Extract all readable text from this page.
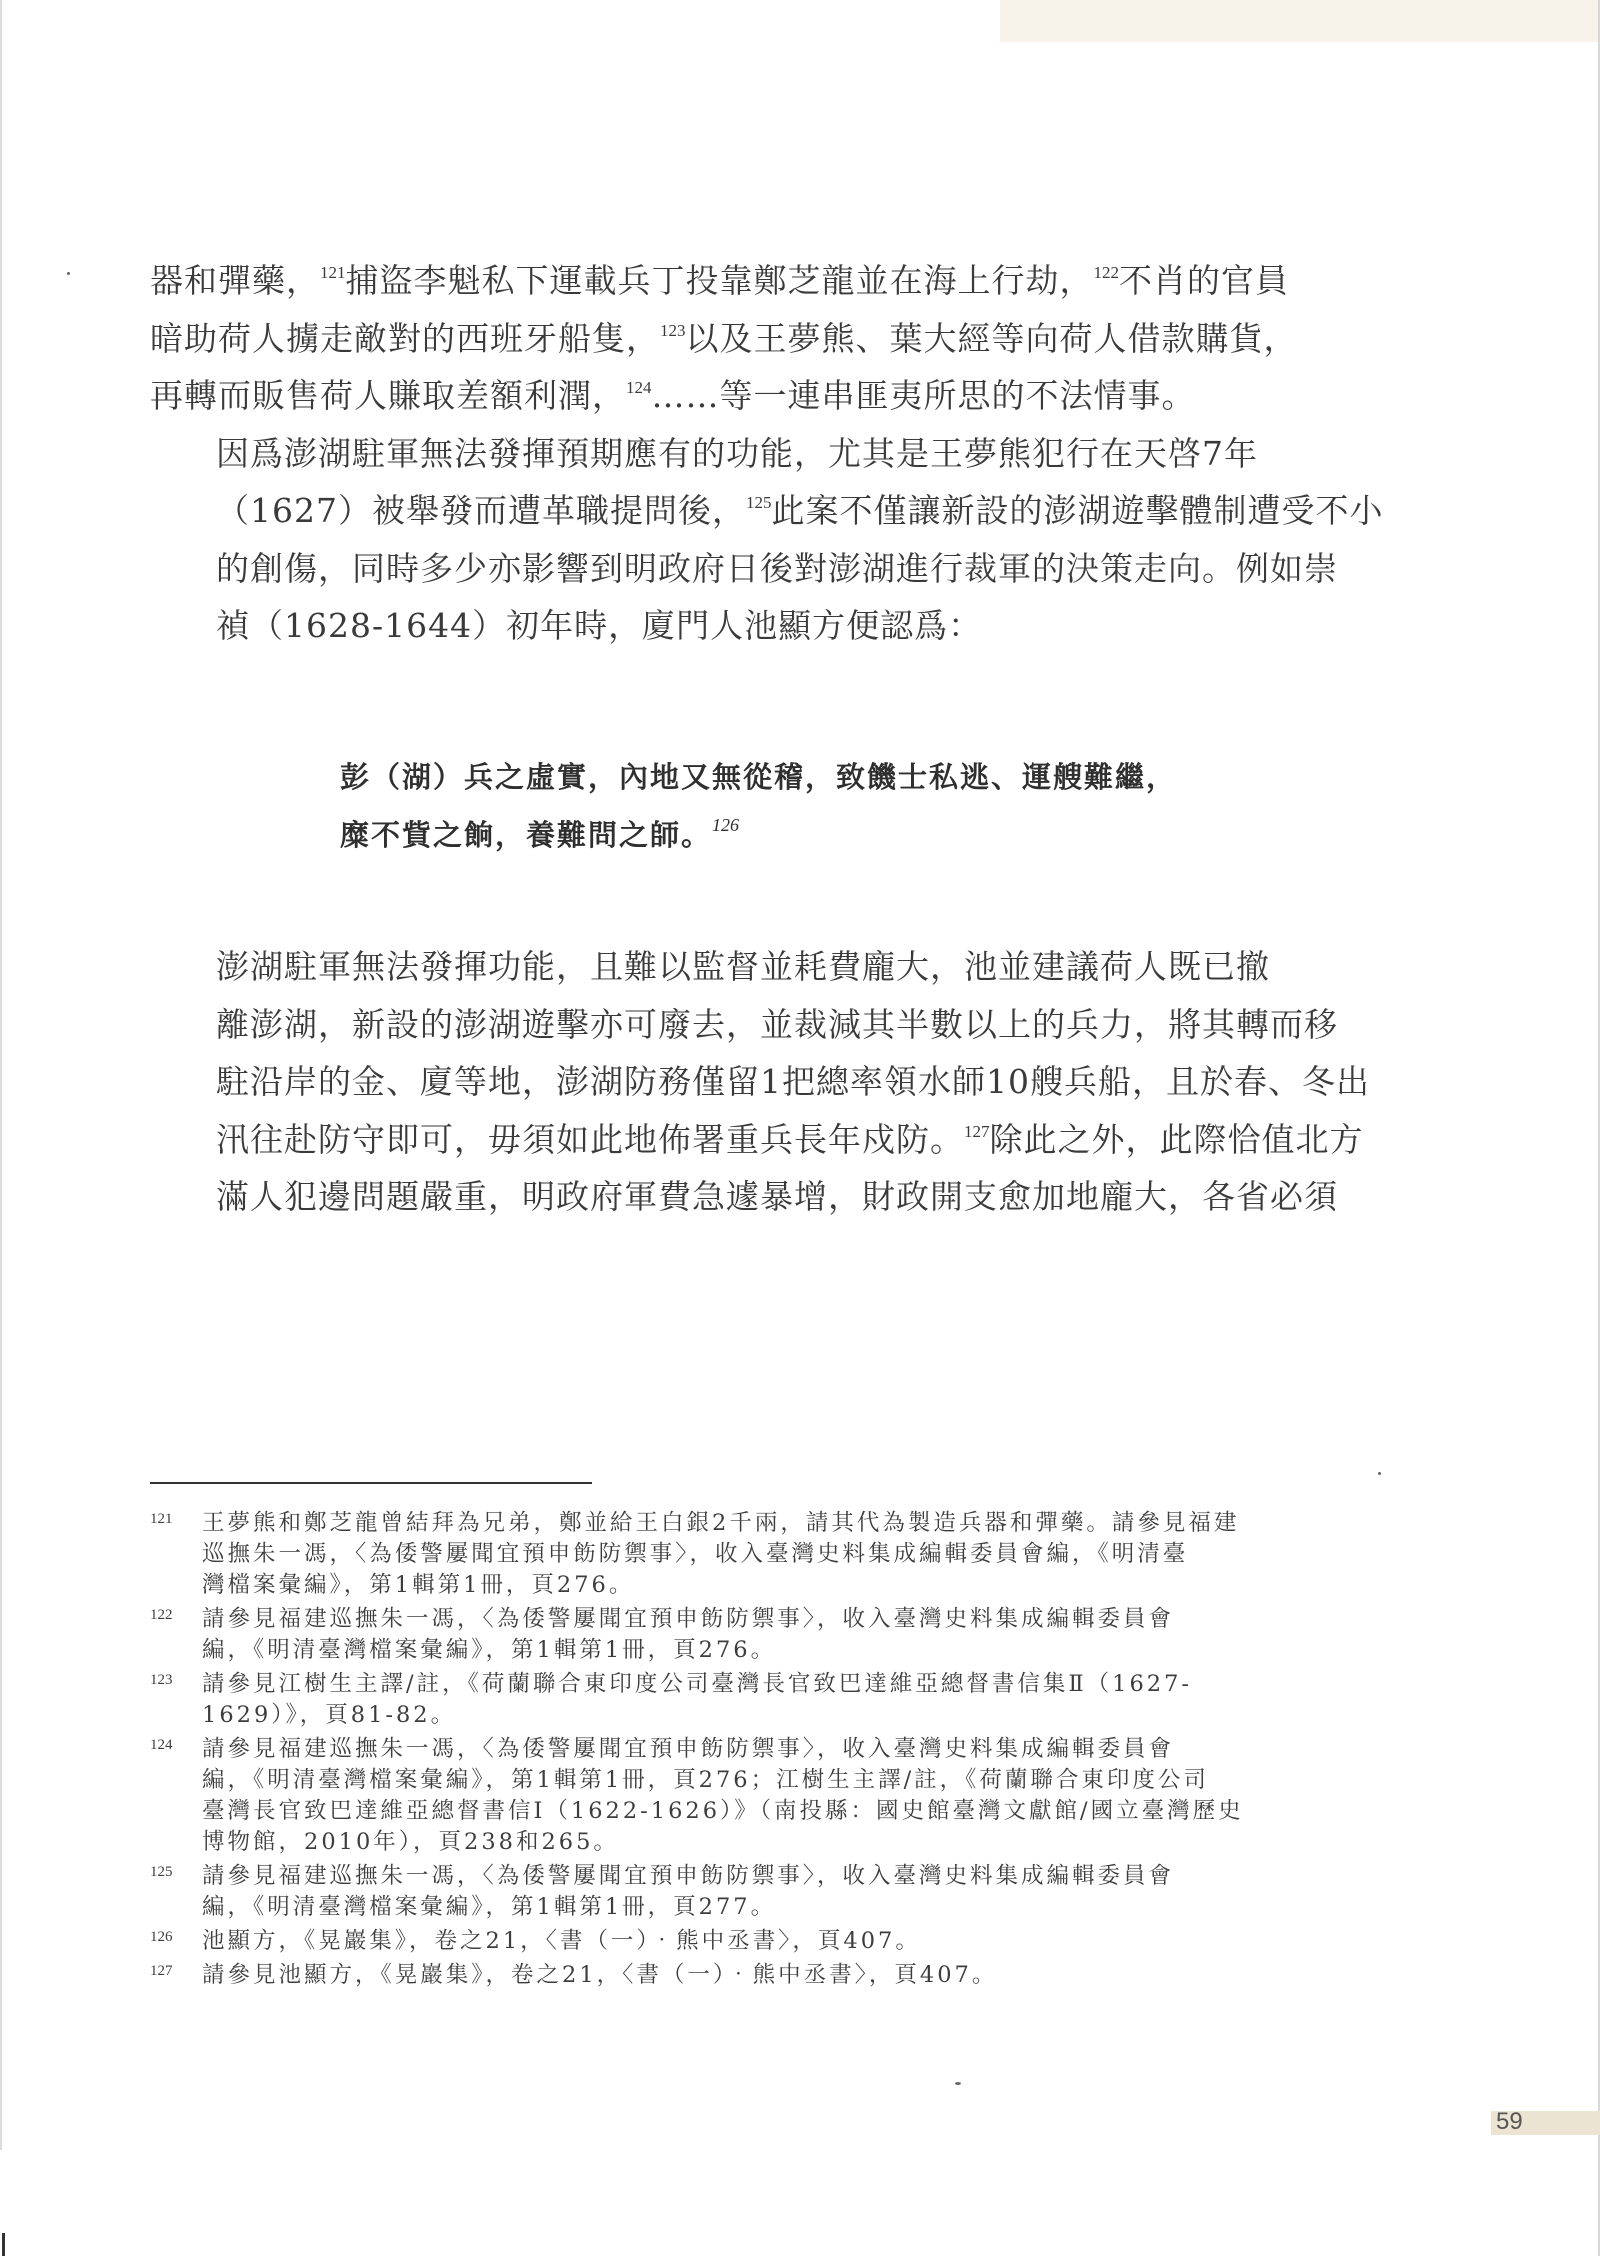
器和彈藥，$^{121}$捕盜李魁私下運載兵丁投靠鄭芝龍並在海上行劫，$^{122}$不肖的官員
暗助荷人擄走敵對的西班牙船隻，$^{123}$以及王夢熊、葉大經等向荷人借款購貨，
再轉而販售荷人賺取差額利潤，$^{124}$……等一連串匪夷所思的不法情事。

因爲澎湖駐軍無法發揮預期應有的功能，尤其是王夢熊犯行在天啓7年
（1627）被舉發而遭革職提問後，$^{125}$此案不僅讓新設的澎湖遊擊體制遭受不小
的創傷，同時多少亦影響到明政府日後對澎湖進行裁軍的決策走向。例如崇
禎（1628-1644）初年時，廈門人池顯方便認爲：

彭（湖）兵之虛實，內地又無從稽，致饑士私逃、運艘難繼，
糜不貲之餉，養難問之師。$^{126}$

澎湖駐軍無法發揮功能，且難以監督並耗費龐大，池並建議荷人既已撤
離澎湖，新設的澎湖遊擊亦可廢去，並裁減其半數以上的兵力，將其轉而移
駐沿岸的金、廈等地，澎湖防務僅留1把總率領水師10艘兵船，且於春、冬出
汛往赴防守即可，毋須如此地佈署重兵長年戍防。$^{127}$除此之外，此際恰值北方
滿人犯邊問題嚴重，明政府軍費急遽暴增，財政開支愈加地龐大，各省必須

121 王夢熊和鄭芝龍曾結拜為兄弟，鄭並給王白銀2千兩，請其代為製造兵器和彈藥。請參見福建
巡撫朱一馮，〈為倭警屢聞宜預申飭防禦事〉，收入臺灣史料集成編輯委員會編，《明清臺
灣檔案彙編》，第1輯第1冊，頁276。
122 請參見福建巡撫朱一馮，〈為倭警屢聞宜預申飭防禦事〉，收入臺灣史料集成編輯委員會
編，《明清臺灣檔案彙編》，第1輯第1冊，頁276。
123 請參見江樹生主譯/註，《荷蘭聯合東印度公司臺灣長官致巴達維亞總督書信集Ⅱ（1627-
1629）》，頁81-82。
124 請參見福建巡撫朱一馮，〈為倭警屢聞宜預申飭防禦事〉，收入臺灣史料集成編輯委員會
編，《明清臺灣檔案彙編》，第1輯第1冊，頁276；江樹生主譯/註，《荷蘭聯合東印度公司
臺灣長官致巴達維亞總督書信Ⅰ（1622-1626）》（南投縣：國史館臺灣文獻館/國立臺灣歷史
博物館，2010年），頁238和265。
125 請參見福建巡撫朱一馮，〈為倭警屢聞宜預申飭防禦事〉，收入臺灣史料集成編輯委員會
編，《明清臺灣檔案彙編》，第1輯第1冊，頁277。
126 池顯方，《晃巖集》，卷之21，〈書（一）‧熊中丞書〉，頁407。
127 請參見池顯方，《晃巖集》，卷之21，〈書（一）‧熊中丞書〉，頁407。
59
